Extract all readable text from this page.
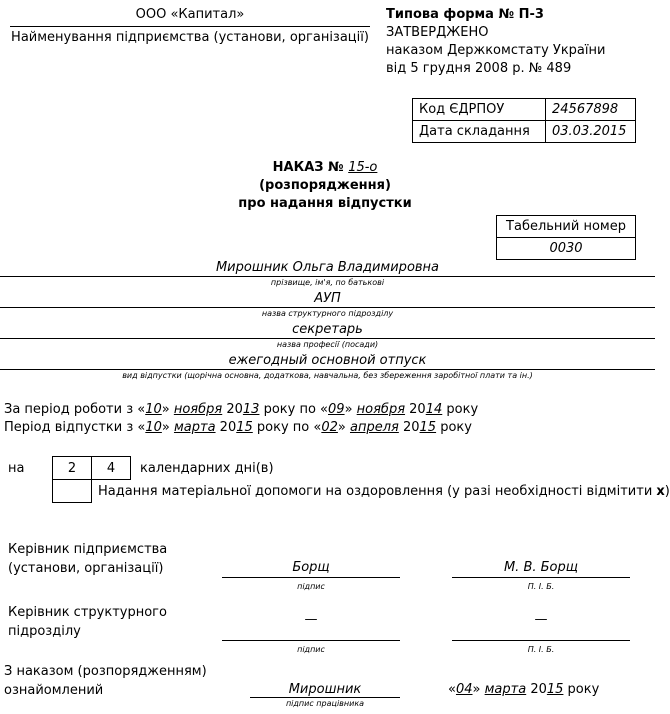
ООО «Капитал»
Найменування підприємства (установи, організації)
Типова форма № П-3
ЗАТВЕРДЖЕНО
наказом Держкомстату України
від 5 грудня 2008 р. № 489
Код ЄДРПОУ	24567898
Дата складання 03.03.2015
НАКАЗ № 15-о
(розпорядження)
про надання відпустки
Табельний номер
0030
Мирошник Ольга Владимировна
прізвище, ім'я, по батькові
АУП
назва структурного підрозділу
секретарь
назва професії (посади)
ежегодный основной отпуск
вид відпустки (щорічна основна, додаткова, навчальна, без збереження заробітної плати та ін.)
За період роботи з «10» ноября 2013 року по «09» ноября 2014 року
Період відпустки з «10» марта 2015 року по «02» апреля 2015 року
на	2	4	календарних дні(в)
Надання матеріальної допомоги на оздоровлення (у разі необхідності відмітити х)
Керівник підприємства
(установи, організації)	Борщ
підпис
М. В. Борщ
П. І. Б.
Керівник структурного
підрозділу
—
підпис
—
П. І. Б.
З наказом (розпорядженням)
ознайомлений	Мирошник
підпис працівника
«04» марта 2015 року
